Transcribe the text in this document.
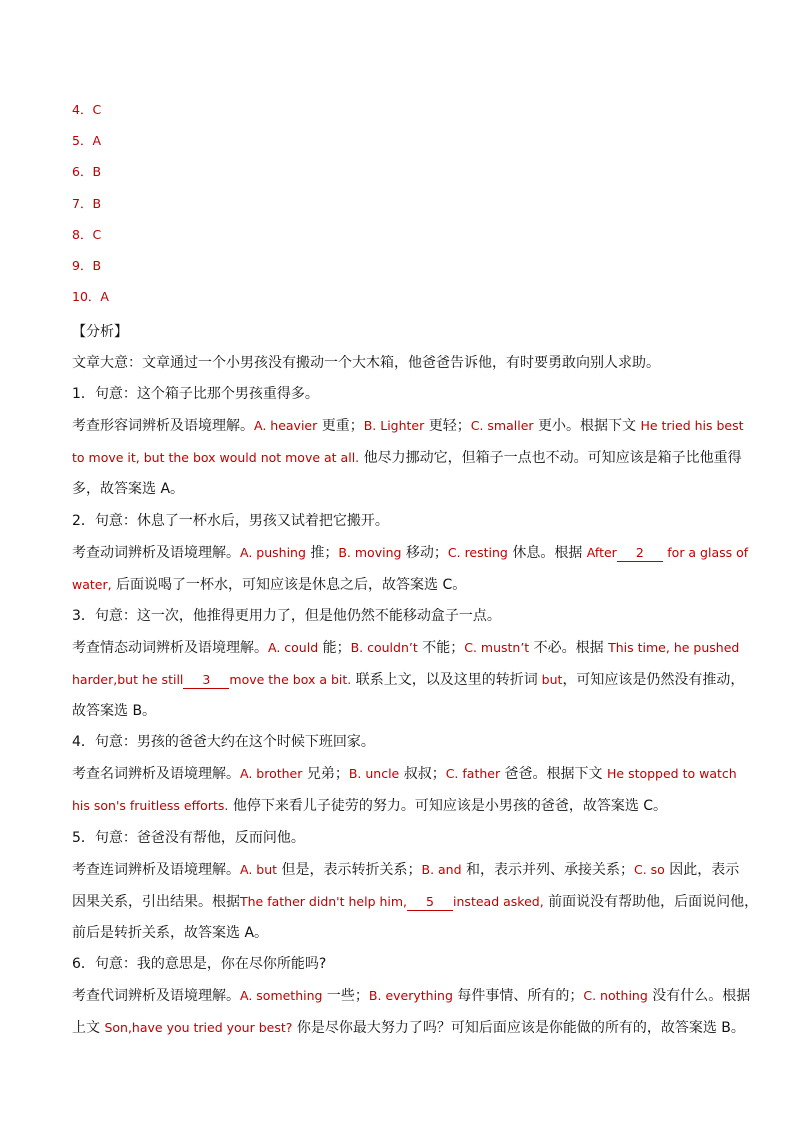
4．C
5．A
6．B
7．B
8．C
9．B
10．A
【分析】
文章大意：文章通过一个小男孩没有搬动一个大木箱，他爸爸告诉他，有时要勇敢向别人求助。
1．句意：这个箱子比那个男孩重得多。
考查形容词辨析及语境理解。A. heavier 更重；B. Lighter 更轻；C. smaller 更小。根据下文 He tried his best
to move it, but the box would not move at all. 他尽力挪动它，但箱子一点也不动。可知应该是箱子比他重得
多，故答案选 A。
2．句意：休息了一杯水后，男孩又试着把它搬开。
考查动词辨析及语境理解。A. pushing 推；B. moving 移动；C. resting 休息。根据 After 2 for a glass of
water, 后面说喝了一杯水，可知应该是休息之后，故答案选 C。
3．句意：这一次，他推得更用力了，但是他仍然不能移动盒子一点。
考查情态动词辨析及语境理解。A. could 能；B. couldn’t 不能；C. mustn’t 不必。根据 This time, he pushed
harder,but he still 3 move the box a bit. 联系上文，以及这里的转折词 but，可知应该是仍然没有推动，
故答案选 B。
4．句意：男孩的爸爸大约在这个时候下班回家。
考查名词辨析及语境理解。A. brother 兄弟；B. uncle 叔叔；C. father 爸爸。根据下文 He stopped to watch
his son's fruitless efforts. 他停下来看儿子徒劳的努力。可知应该是小男孩的爸爸，故答案选 C。
5．句意：爸爸没有帮他，反而问他。
考查连词辨析及语境理解。A. but 但是，表示转折关系；B. and 和，表示并列、承接关系；C. so 因此，表示
因果关系，引出结果。根据The father didn't help him, 5 instead asked, 前面说没有帮助他，后面说问他，
前后是转折关系，故答案选 A。
6．句意：我的意思是，你在尽你所能吗?
考查代词辨析及语境理解。A. something 一些；B. everything 每件事情、所有的；C. nothing 没有什么。根据
上文 Son,have you tried your best? 你是尽你最大努力了吗？可知后面应该是你能做的所有的，故答案选 B。
